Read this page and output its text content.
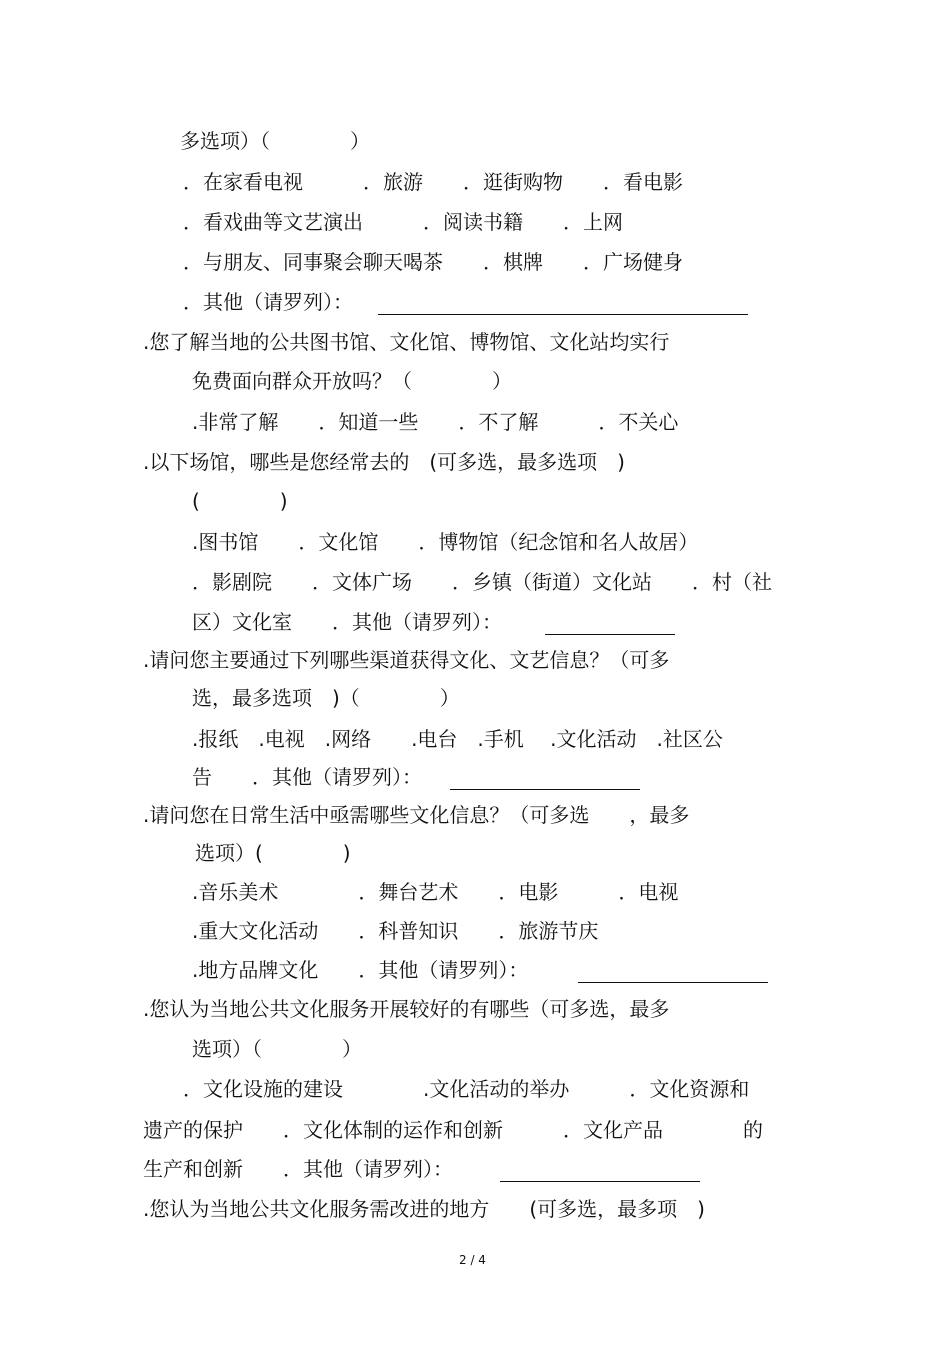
多选项）（　　　　）
．在家看电视　　　．旅游　　．逛街购物　　．看电影
．看戏曲等文艺演出　　　．阅读书籍　　．上网
．与朋友、同事聚会聊天喝茶　　．棋牌　　．广场健身
．其他（请罗列）：
.您了解当地的公共图书馆、文化馆、博物馆、文化站均实行
免费面向群众开放吗？（　　　　）
.非常了解　　．知道一些　　．不了解　　　．不关心
.以下场馆，哪些是您经常去的　(可多选，最多选项　)
(　　　　)
.图书馆　　．文化馆　　．博物馆（纪念馆和名人故居）
．影剧院　　．文体广场　　．乡镇（街道）文化站　　．村（社
区）文化室　　．其他（请罗列）：
.请问您主要通过下列哪些渠道获得文化、文艺信息？（可多
选，最多选项　)（　　　　）
.报纸　.电视　.网络　　.电台　.手机　 .文化活动　.社区公
告　　．其他（请罗列）：
.请问您在日常生活中亟需哪些文化信息？（可多选　　，最多
选项）(　　　　)
.音乐美术　　　　．舞台艺术　　．电影　　　．电视
.重大文化活动　　．科普知识　　．旅游节庆
.地方品牌文化　　．其他（请罗列）：
.您认为当地公共文化服务开展较好的有哪些（可多选，最多
选项）（　　　　）
．文化设施的建设　　　　.文化活动的举办　　　．文化资源和
遗产的保护　　．文化体制的运作和创新　　　．文化产品　　　　的
生产和创新　　．其他（请罗列）：
.您认为当地公共文化服务需改进的地方　　(可多选，最多项　)
2 / 4
